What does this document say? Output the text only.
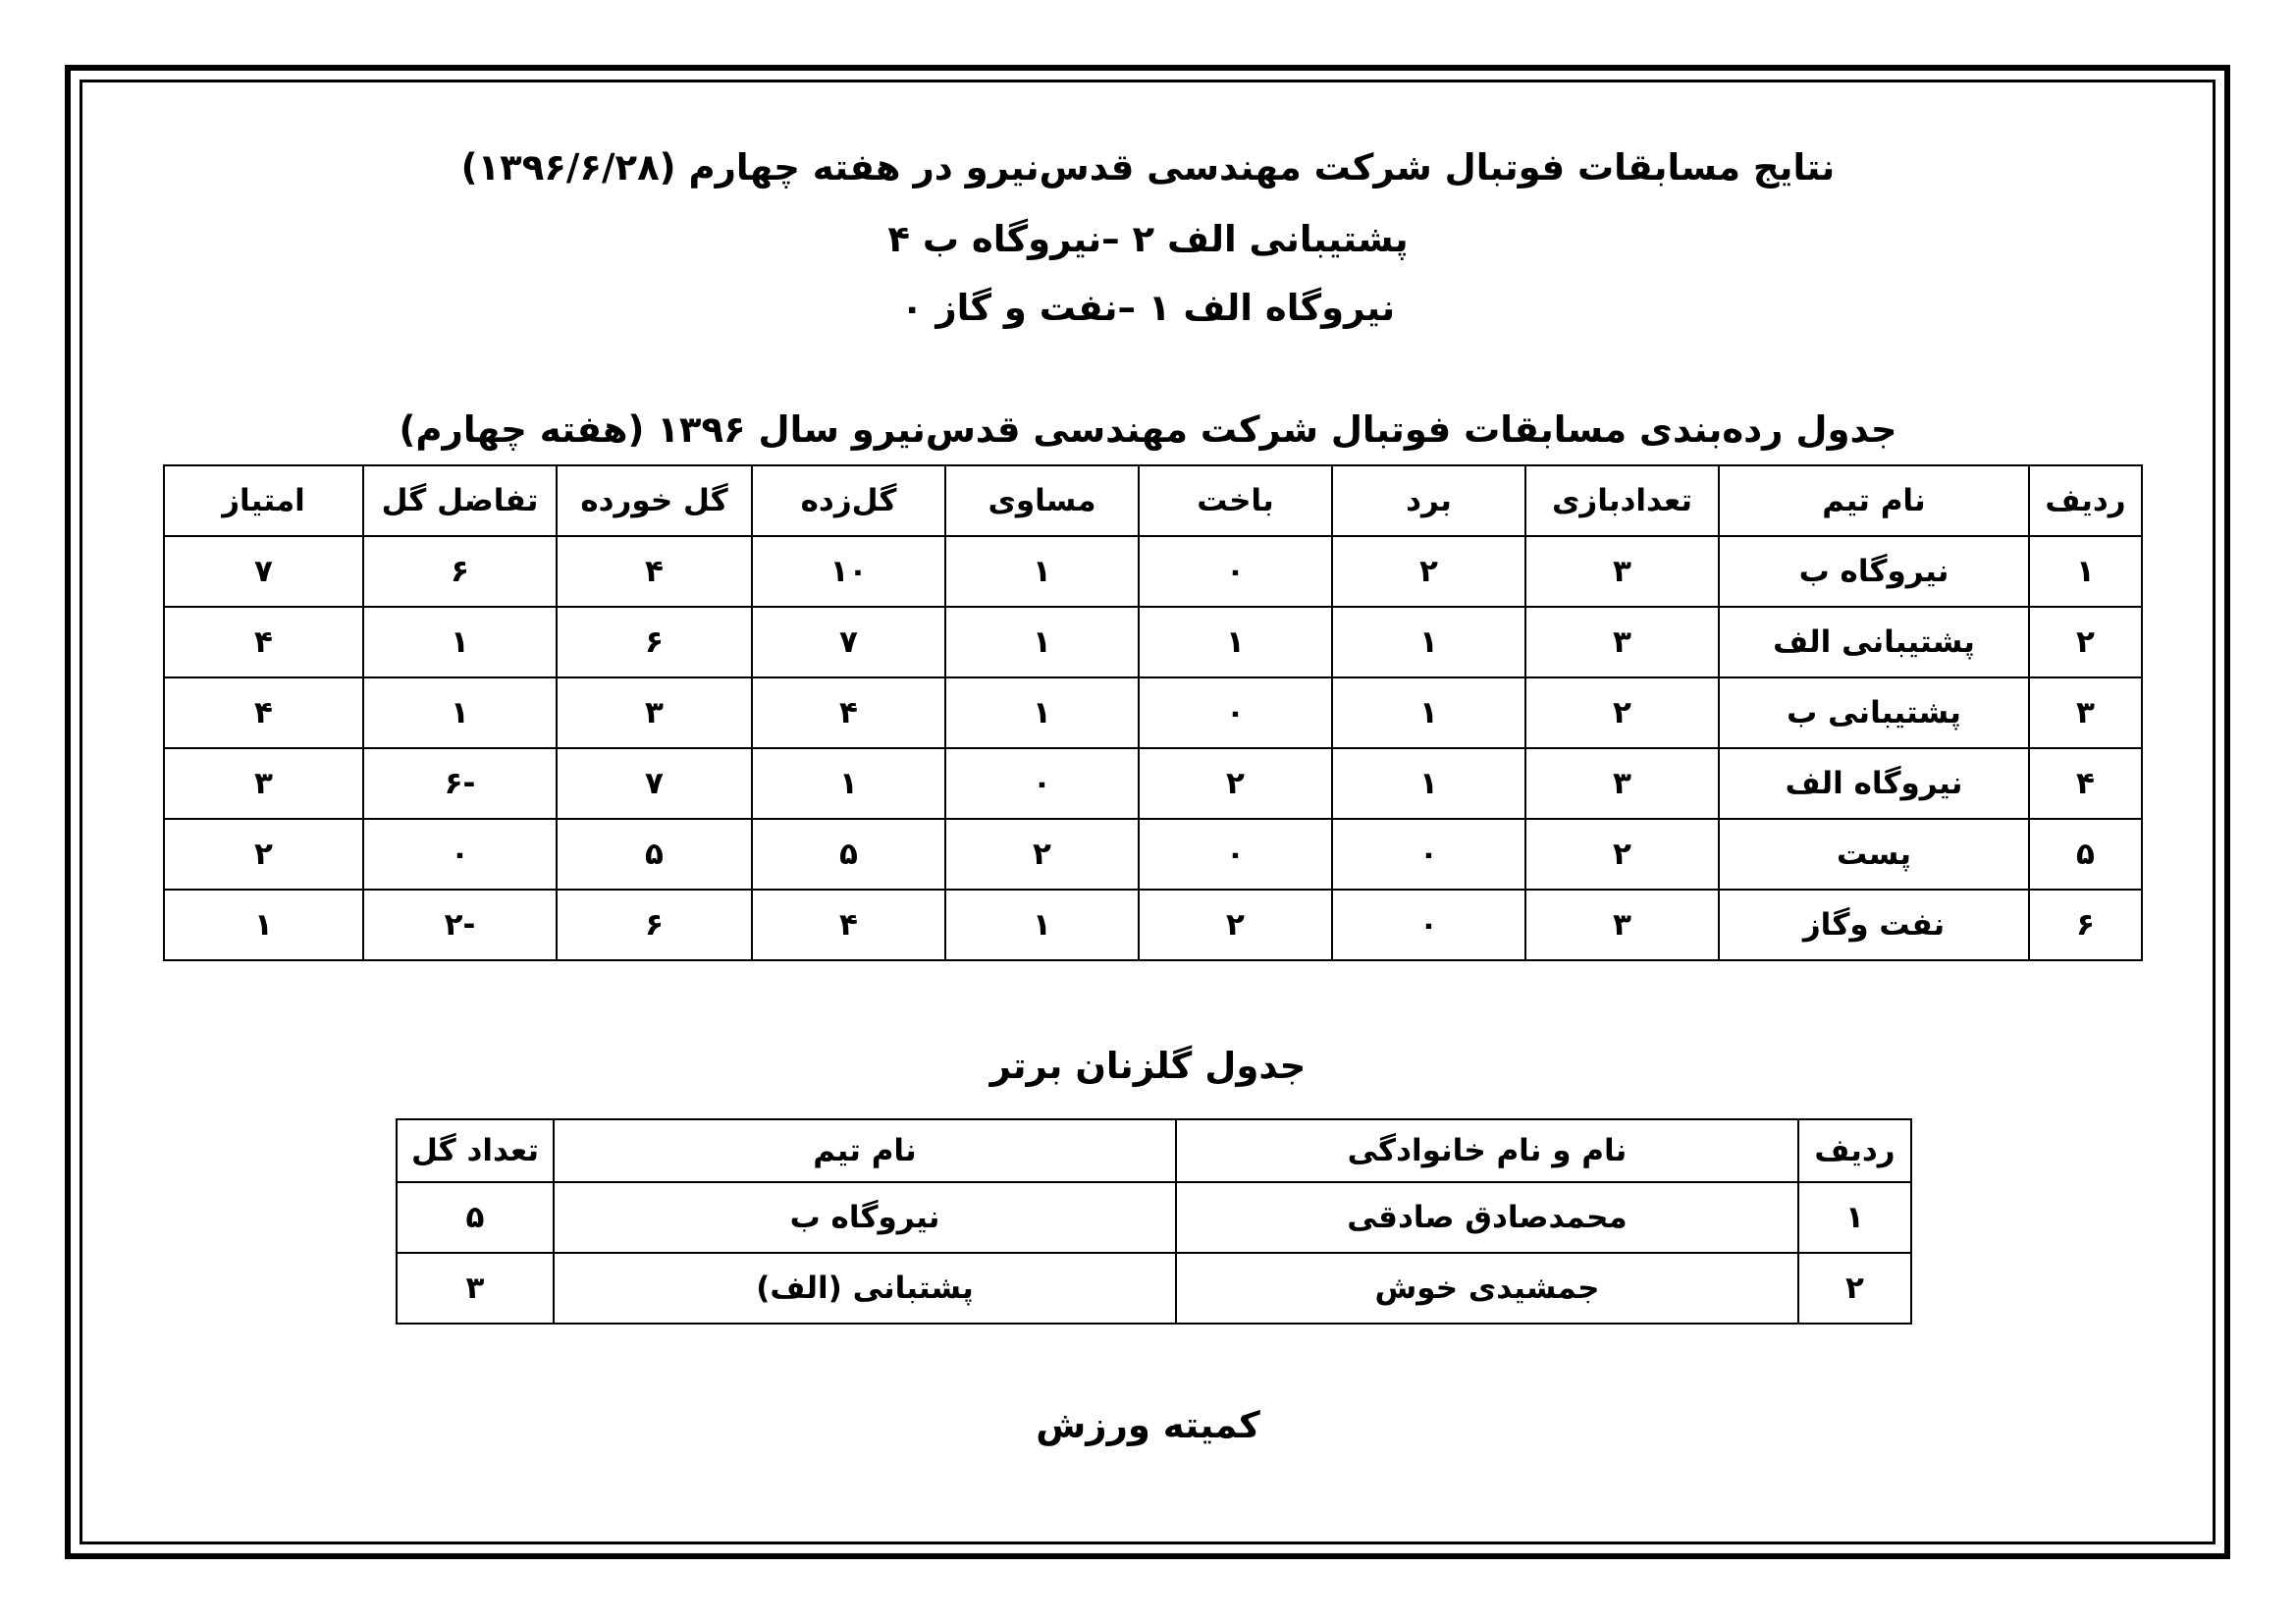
نتایج مسابقات فوتبال شرکت مهندسی قدس‌نیرو در هفته چهارم (۱۳۹۶/۶/۲۸)
پشتیبانی الف ۲ –نیروگاه ب ۴
نیروگاه الف ۱ –نفت و گاز ۰
جدول رده‌بندی مسابقات فوتبال شرکت مهندسی قدس‌نیرو سال ۱۳۹۶ (هفته چهارم)
ردیف	نام تیم	تعدادبازی	برد	باخت	مساوی	گل‌زده	گل خورده	تفاضل گل	امتیاز
۱	نیروگاه ب	۳	۲	۰	۱	۱۰	۴	۶	۷
۲	پشتیبانی الف	۳	۱	۱	۱	۷	۶	۱	۴
۳	پشتیبانی ب	۲	۱	۰	۱	۴	۳	۱	۴
۴	نیروگاه الف	۳	۱	۲	۰	۱	۷	-۶	۳
۵	پست	۲	۰	۰	۲	۵	۵	۰	۲
۶	نفت وگاز	۳	۰	۲	۱	۴	۶	-۲	۱
جدول گلزنان برتر
ردیف	نام و نام خانوادگی	نام تیم	تعداد گل
۱	محمدصادق صادقی	نیروگاه ب	۵
۲	جمشیدی خوش	پشتبانی (الف)	۳
کمیته ورزش
